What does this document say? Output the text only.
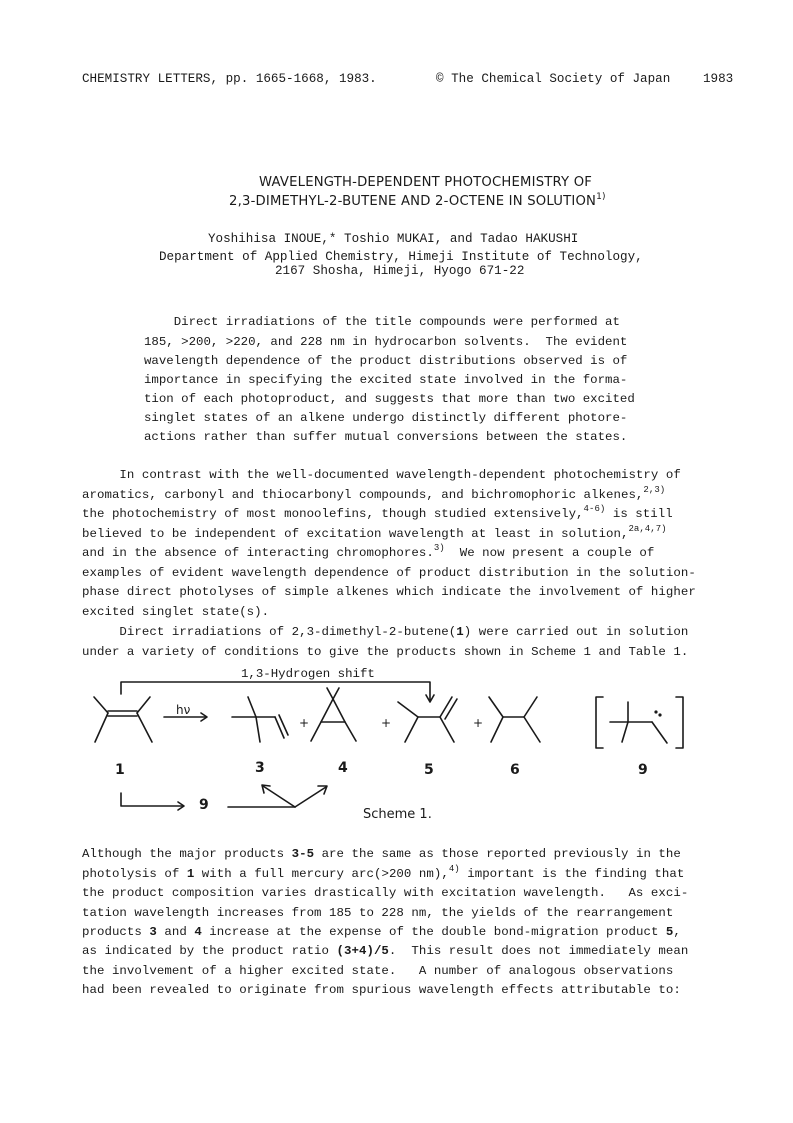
CHEMISTRY LETTERS, pp. 1665-1668, 1983.	© The Chemical Society of Japan	1983
WAVELENGTH-DEPENDENT PHOTOCHEMISTRY OF
2,3-DIMETHYL-2-BUTENE AND 2-OCTENE IN SOLUTION$^{1)}$
Yoshihisa INOUE,* Toshio MUKAI, and Tadao HAKUSHI
Department of Applied Chemistry, Himeji Institute of Technology,
2167 Shosha, Himeji, Hyogo 671-22
Direct irradiations of the title compounds were performed at
185, >200, >220, and 228 nm in hydrocarbon solvents.  The evident
wavelength dependence of the product distributions observed is of
importance in specifying the excited state involved in the forma-
tion of each photoproduct, and suggests that more than two excited
singlet states of an alkene undergo distinctly different photore-
actions rather than suffer mutual conversions between the states.
In contrast with the well-documented wavelength-dependent photochemistry of
aromatics, carbonyl and thiocarbonyl compounds, and bichromophoric alkenes,$^{2,3)}$
the photochemistry of most monoolefins, though studied extensively,$^{4-6)}$ is still
believed to be independent of excitation wavelength at least in solution,$^{2a,4,7)}$
and in the absence of interacting chromophores.$^{3)}$  We now present a couple of
examples of evident wavelength dependence of product distribution in the solution-
phase direct photolyses of simple alkenes which indicate the involvement of higher
excited singlet state(s).
Direct irradiations of 2,3-dimethyl-2-butene(1) were carried out in solution
under a variety of conditions to give the products shown in Scheme 1 and Table 1.
1,3-Hydrogen shift
hν
+	+	+
1	3	4	5	6	9
9
Scheme 1.
Although the major products 3-5 are the same as those reported previously in the
photolysis of 1 with a full mercury arc(>200 nm),$^{4)}$ important is the finding that
the product composition varies drastically with excitation wavelength.   As exci-
tation wavelength increases from 185 to 228 nm, the yields of the rearrangement
products 3 and 4 increase at the expense of the double bond-migration product 5,
as indicated by the product ratio (3+4)/5.  This result does not immediately mean
the involvement of a higher excited state.   A number of analogous observations
had been revealed to originate from spurious wavelength effects attributable to:
